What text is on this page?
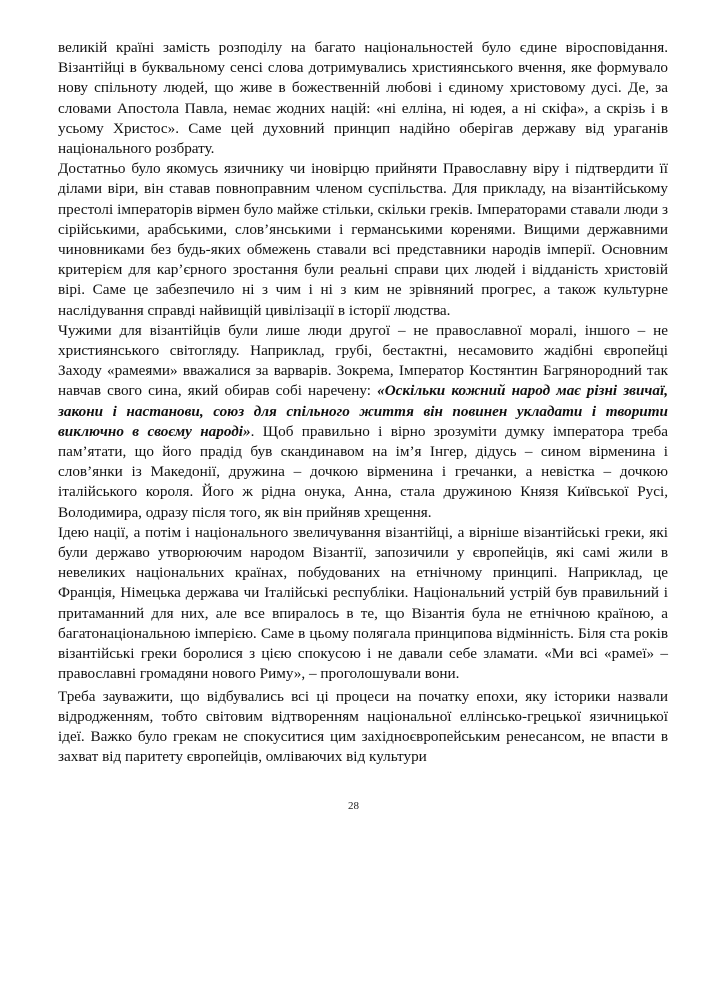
великій країні замість розподілу на багато національностей було єдине віросповідання. Візантійці в буквальному сенсі слова дотримувались християнського вчення, яке формувало нову спільноту людей, що живе в божественній любові і єдиному христовому дусі. Де, за словами Апостола Павла, немає жодних націй: «ні елліна, ні юдея, а ні скіфа», а скрізь і в усьому Христос». Саме цей духовний принцип надійно оберігав державу від ураганів національного розбрату.

Достатньо було якомусь язичнику чи іновірцю прийняти Православну віру і підтвердити її ділами віри, він ставав повноправним членом суспільства. Для прикладу, на візантійському престолі імператорів вірмен було майже стільки, скільки греків. Імператорами ставали люди з сірійськими, арабськими, слов’янськими і германськими коренями. Вищими державними чиновниками без будь-яких обмежень ставали всі представники народів імперії. Основним критерієм для кар’єрного зростання були реальні справи цих людей і відданість христовій вірі. Саме це забезпечило ні з чим і ні з ким не зрівняний прогрес, а також культурне наслідування справді найвищій цивілізації в історії людства.

Чужими для візантійців були лише люди другої – не православної моралі, іншого – не християнського світогляду. Наприклад, грубі, бестактні, несамовито жадібні європейці Заходу «рамеями» вважалися за варварів. Зокрема, Імператор Костянтин Багрянородний так навчав свого сина, який обирав собі наречену: «Оскільки кожний народ має різні звичаї, закони і настанови, союз для спільного життя він повинен укладати і творити виключно в своєму народі». Щоб правильно і вірно зрозуміти думку імператора треба пам’ятати, що його прадід був скандинавом на ім’я Інгер, дідусь – сином вірменина і слов’янки із Македонії, дружина – дочкою вірменина і гречанки, а невістка – дочкою італійського короля. Його ж рідна онука, Анна, стала дружиною Князя Київської Русі, Володимира, одразу після того, як він прийняв хрещення.

Ідею нації, а потім і національного звеличування візантійці, а вірніше візантійські греки, які були державо утворюючим народом Візантії, запозичили у європейців, які самі жили в невеликих національних країнах, побудованих на етнічному принципі. Наприклад, це Франція, Німецька держава чи Італійські республіки. Національний устрій був правильний і притаманний для них, але все впиралось в те, що Візантія була не етнічною країною, а багатонаціональною імперією. Саме в цьому полягала принципова відмінність. Біля ста років візантійські греки боролися з цією спокусою і не давали себе зламати. «Ми всі «рамеї» – православні громадяни нового Риму», – проголошували вони.

Треба зауважити, що відбувались всі ці процеси на початку епохи, яку історики назвали відродженням, тобто світовим відтворенням національної еллінсько-грецької язичницької ідеї. Важко було грекам не спокуситися цим західноєвропейським ренесансом, не впасти в захват від паритету європейців, омліваючих від культури

28
